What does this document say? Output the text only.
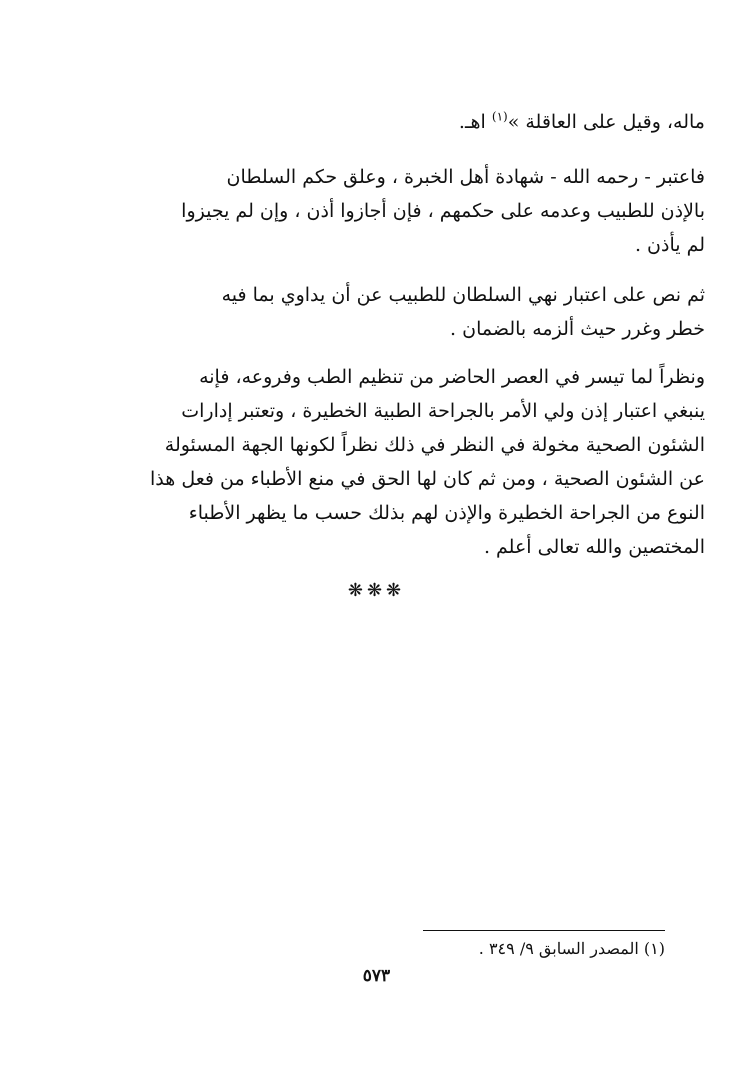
ماله، وقيل على العاقلة »$^{(١)}$ اهـ.
فاعتبر - رحمه الله - شهادة أهل الخبرة ، وعلق حكم السلطان
بالإذن للطبيب وعدمه على حكمهم ، فإن أجازوا أذن ، وإن لم يجيزوا
لم يأذن .
ثم نص على اعتبار نهي السلطان للطبيب عن أن يداوي بما فيه
خطر وغرر حيث ألزمه بالضمان .
ونظراً لما تيسر في العصر الحاضر من تنظيم الطب وفروعه، فإنه
ينبغي اعتبار إذن ولي الأمر بالجراحة الطبية الخطيرة ، وتعتبر إدارات
الشئون الصحية مخولة في النظر في ذلك نظراً لكونها الجهة المسئولة
عن الشئون الصحية ، ومن ثم كان لها الحق في منع الأطباء من فعل هذا
النوع من الجراحة الخطيرة والإذن لهم بذلك حسب ما يظهر الأطباء
المختصين والله تعالى أعلم .
❋❋❋
(١) المصدر السابق ٩/ ٣٤٩ .
٥٧٣
